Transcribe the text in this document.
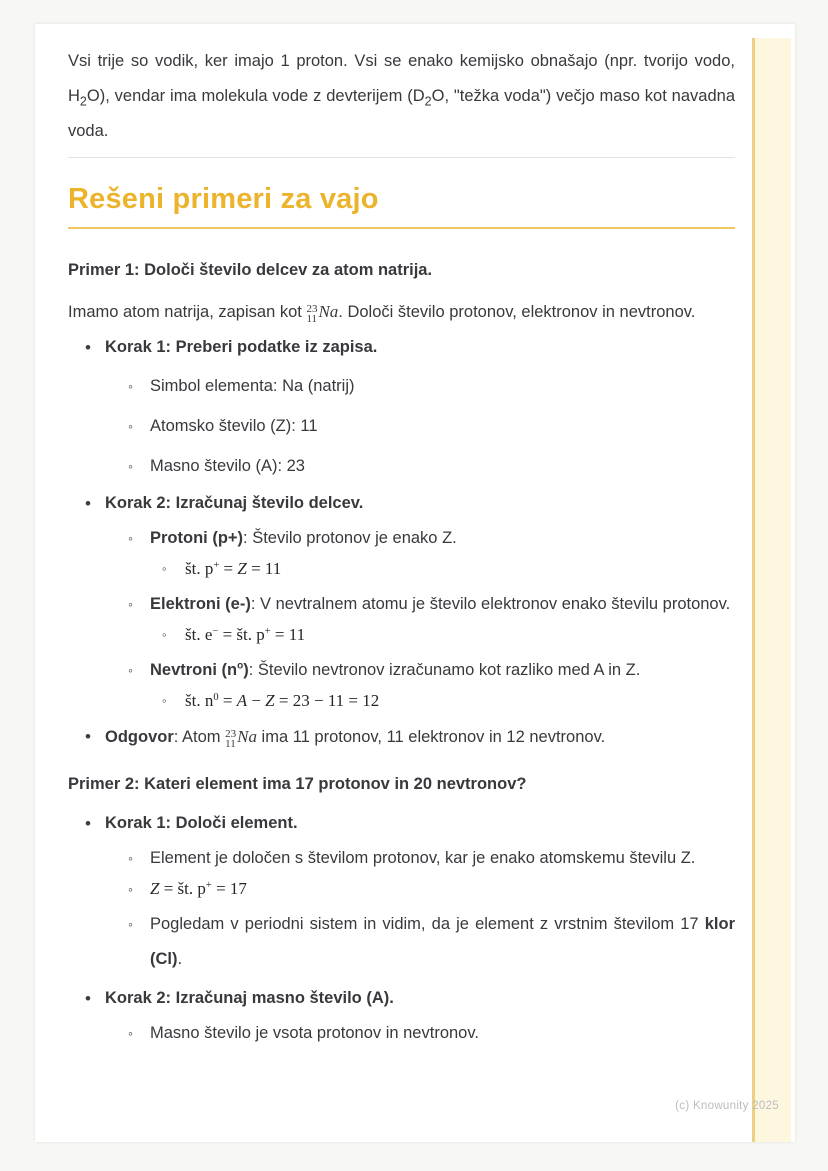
Vsi trije so vodik, ker imajo 1 proton. Vsi se enako kemijsko obnašajo (npr. tvorijo vodo, $H_2O$), vendar ima molekula vode z devterijem ($D_2O$, "težka voda") večjo maso kot navadna voda.

Rešeni primeri za vajo
Primer 1: Določi število delcev za atom natrija.

Imamo atom natrija, zapisan kot 23
11 Na. Določi število protonov, elektronov in nevtronov.

• Korak 1: Preberi podatke iz zapisa.
◦	Simbol elementa: Na (natrij)
◦	Atomsko število (Z): 11
◦	Masno število (A): 23
• Korak 2: Izračunaj število delcev.
◦	Protoni (p+): Število protonov je enako Z.
◦	št. p+ = Z = 11
◦	Elektroni (e-): V nevtralnem atomu je število elektronov enako številu protonov.
◦	št. e− = št. p+ = 11
◦	Nevtroni $(n^o)$: Število nevtronov izračunamo kot razliko med A in Z.
◦	št. $n^0 = A - Z = 23 - 11 = 12$
• Odgovor: Atom 23
11 Na ima 11 protonov, 11 elektronov in 12 nevtronov.
Primer 2: Kateri element ima 17 protonov in 20 nevtronov?
• Korak 1: Določi element.
◦	Element je določen s številom protonov, kar je enako atomskemu številu Z.
◦	Z = št. p+ = 17
◦	Pogledam v periodni sistem in vidim, da je element z vrstnim številom 17 klor (Cl).
• Korak 2: Izračunaj masno število (A).
◦	Masno število je vsota protonov in nevtronov.
(c) Knowunity 2025
